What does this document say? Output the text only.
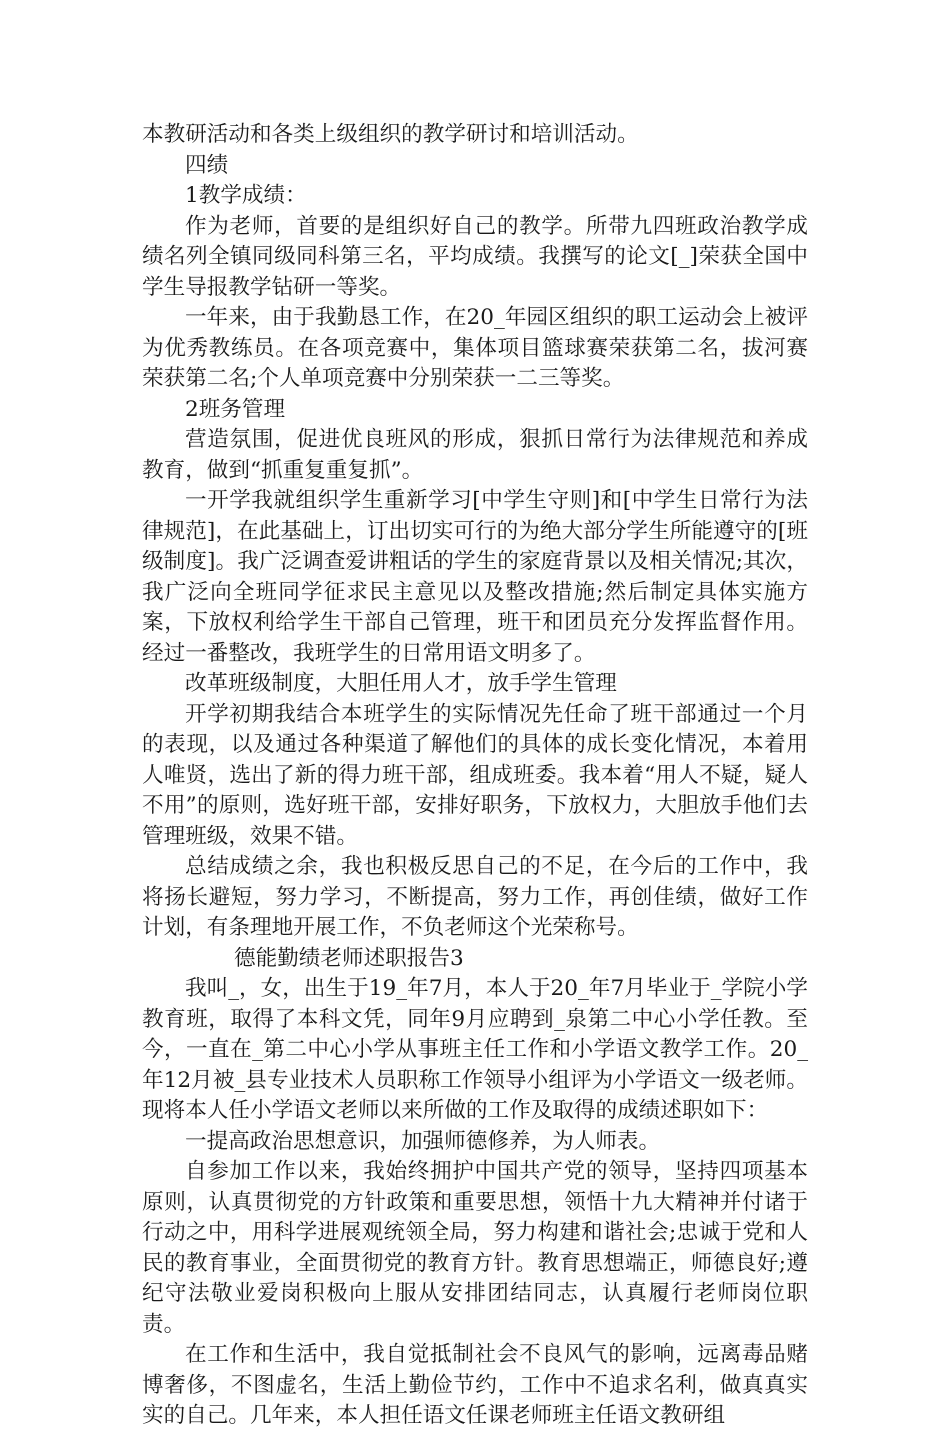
本教研活动和各类上级组织的教学研讨和培训活动。

四绩

1教学成绩：

作为老师，首要的是组织好自己的教学。所带九四班政治教学成绩名列全镇同级同科第三名，平均成绩。我撰写的论文[_]荣获全国中学生导报教学钻研一等奖。

一年来，由于我勤恳工作，在20_年园区组织的职工运动会上被评为优秀教练员。在各项竞赛中，集体项目篮球赛荣获第二名，拔河赛荣获第二名;个人单项竞赛中分别荣获一二三等奖。

2班务管理

营造氛围，促进优良班风的形成，狠抓日常行为法律规范和养成教育，做到“抓重复重复抓”。

一开学我就组织学生重新学习[中学生守则]和[中学生日常行为法律规范]，在此基础上，订出切实可行的为绝大部分学生所能遵守的[班级制度]。我广泛调查爱讲粗话的学生的家庭背景以及相关情况;其次，我广泛向全班同学征求民主意见以及整改措施;然后制定具体实施方案，下放权利给学生干部自己管理，班干和团员充分发挥监督作用。经过一番整改，我班学生的日常用语文明多了。

改革班级制度，大胆任用人才，放手学生管理

开学初期我结合本班学生的实际情况先任命了班干部通过一个月的表现，以及通过各种渠道了解他们的具体的成长变化情况，本着用人唯贤，选出了新的得力班干部，组成班委。我本着“用人不疑，疑人不用”的原则，选好班干部，安排好职务，下放权力，大胆放手他们去管理班级，效果不错。

总结成绩之余，我也积极反思自己的不足，在今后的工作中，我将扬长避短，努力学习，不断提高，努力工作，再创佳绩，做好工作计划，有条理地开展工作，不负老师这个光荣称号。

德能勤绩老师述职报告3

我叫_，女，出生于19_年7月，本人于20_年7月毕业于_学院小学教育班，取得了本科文凭，同年9月应聘到_泉第二中心小学任教。至今，一直在_第二中心小学从事班主任工作和小学语文教学工作。20_年12月被_县专业技术人员职称工作领导小组评为小学语文一级老师。现将本人任小学语文老师以来所做的工作及取得的成绩述职如下：

一提高政治思想意识，加强师德修养，为人师表。

自参加工作以来，我始终拥护中国共产党的领导，坚持四项基本原则，认真贯彻党的方针政策和重要思想，领悟十九大精神并付诸于行动之中，用科学进展观统领全局，努力构建和谐社会;忠诚于党和人民的教育事业，全面贯彻党的教育方针。教育思想端正，师德良好;遵纪守法敬业爱岗积极向上服从安排团结同志，认真履行老师岗位职责。

在工作和生活中，我自觉抵制社会不良风气的影响，远离毒品赌博奢侈，不图虚名，生活上勤俭节约，工作中不追求名利，做真真实实的自己。几年来，本人担任语文任课老师班主任语文教研组
